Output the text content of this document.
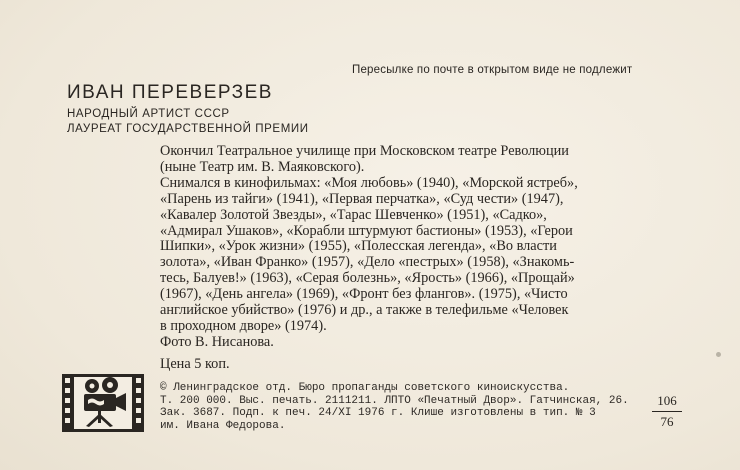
Пересылке по почте в открытом виде не подлежит
ИВАН ПЕРЕВЕРЗЕВ
НАРОДНЫЙ АРТИСТ СССР
ЛАУРЕАТ ГОСУДАРСТВЕННОЙ ПРЕМИИ
Окончил Театральное училище при Московском театре Революции
(ныне Театр им. В. Маяковского).
Снимался в кинофильмах: «Моя любовь» (1940), «Морской ястреб»,
«Парень из тайги» (1941), «Первая перчатка», «Суд чести» (1947),
«Кавалер Золотой Звезды», «Тарас Шевченко» (1951), «Садко»,
«Адмирал Ушаков», «Корабли штурмуют бастионы» (1953), «Герои
Шипки», «Урок жизни» (1955), «Полесская легенда», «Во власти
золота», «Иван Франко» (1957), «Дело «пестрых» (1958), «Знакомь-
тесь, Балуев!» (1963), «Серая болезнь», «Ярость» (1966), «Прощай»
(1967), «День ангела» (1969), «Фронт без флангов». (1975), «Чисто
английское убийство» (1976) и др., а также в телефильме «Человек
в проходном дворе» (1974).
Фото В. Нисанова.
Цена 5 коп.
© Ленинградское отд. Бюро пропаганды советского киноискусства.
Т. 200 000. Выс. печать. 2111211. ЛПТО «Печатный Двор». Гатчинская, 26.
Зак. 3687. Подп. к печ. 24/XI 1976 г. Клише изготовлены в тип. № 3
им. Ивана Федорова.
106
76
